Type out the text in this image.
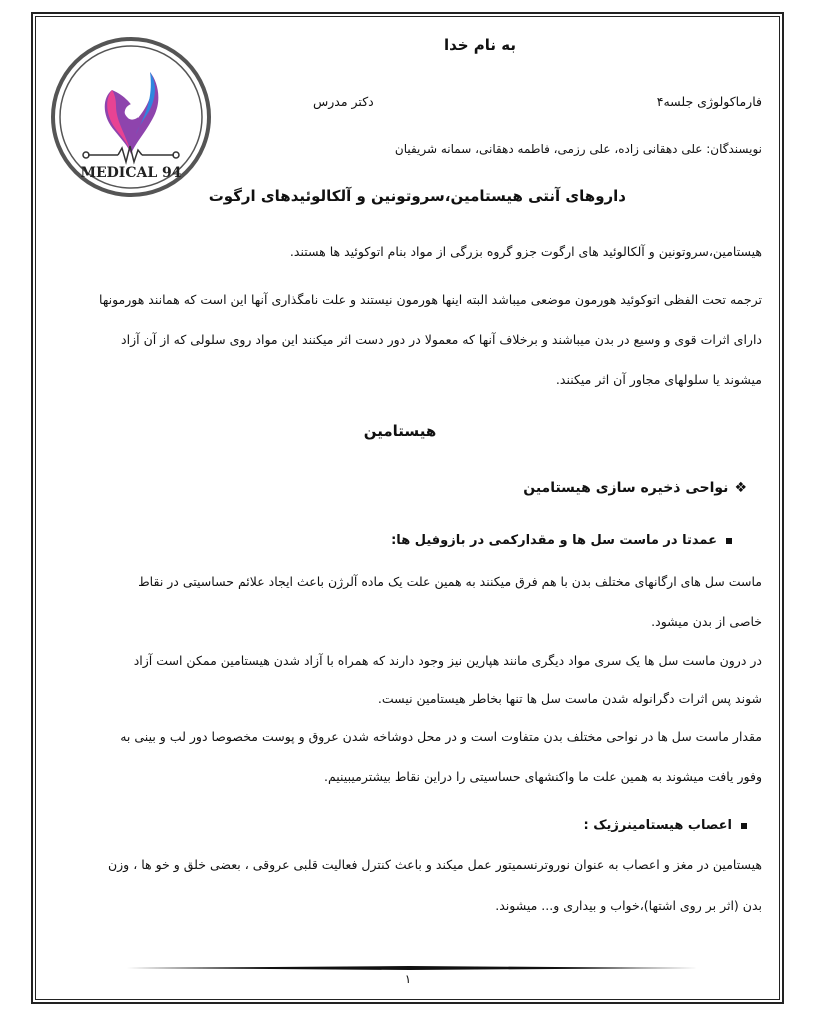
MEDICAL 94
به نام خدا
فارماکولوژی جلسه۴
دکتر مدرس
نویسندگان: علی دهقانی زاده، علی رزمی، فاطمه دهقانی، سمانه شریفیان
داروهای آنتی هیستامین،سروتونین و آلکالوئیدهای ارگوت
هیستامین،سروتونین و آلکالوئید های ارگوت جزو گروه بزرگی از مواد بنام اتوکوئید ها هستند.
ترجمه تحت الفظی اتوکوئید هورمون موضعی میباشد البته اینها هورمون نیستند و علت نامگذاری آنها این است که همانند هورمونها
دارای اثرات قوی و وسیع در بدن میباشند و برخلاف آنها که معمولا در دور دست اثر میکنند این مواد روی سلولی که از آن آزاد
میشوند یا سلولهای مجاور آن اثر میکنند.
هیستامین
❖نواحی ذخیره سازی هیستامین
عمدتا در ماست سل ها و مقدارکمی در بازوفیل ها:
ماست سل های ارگانهای مختلف بدن با هم فرق میکنند به همین علت یک ماده آلرژن باعث ایجاد علائم حساسیتی در نقاط
خاصی از بدن میشود.
در درون ماست سل ها یک سری مواد دیگری مانند هپارین نیز وجود دارند که همراه با آزاد شدن هیستامین ممکن است آزاد
شوند پس اثرات دگرانوله شدن ماست سل ها تنها بخاطر هیستامین نیست.
مقدار ماست سل ها در نواحی مختلف بدن متفاوت است و در محل دوشاخه شدن عروق و پوست مخصوصا دور لب و بینی به
وفور یافت میشوند به همین علت ما واکنشهای حساسیتی را دراین نقاط بیشترمیبینیم.
اعصاب هیستامینرژیک :
هیستامین در مغز و اعصاب به عنوان نوروترنسمیتور عمل میکند و باعث کنترل فعالیت قلبی عروقی ، بعضی خلق و خو ها ، وزن
بدن (اثر بر روی اشتها)،خواب و بیداری و... میشوند.
۱
